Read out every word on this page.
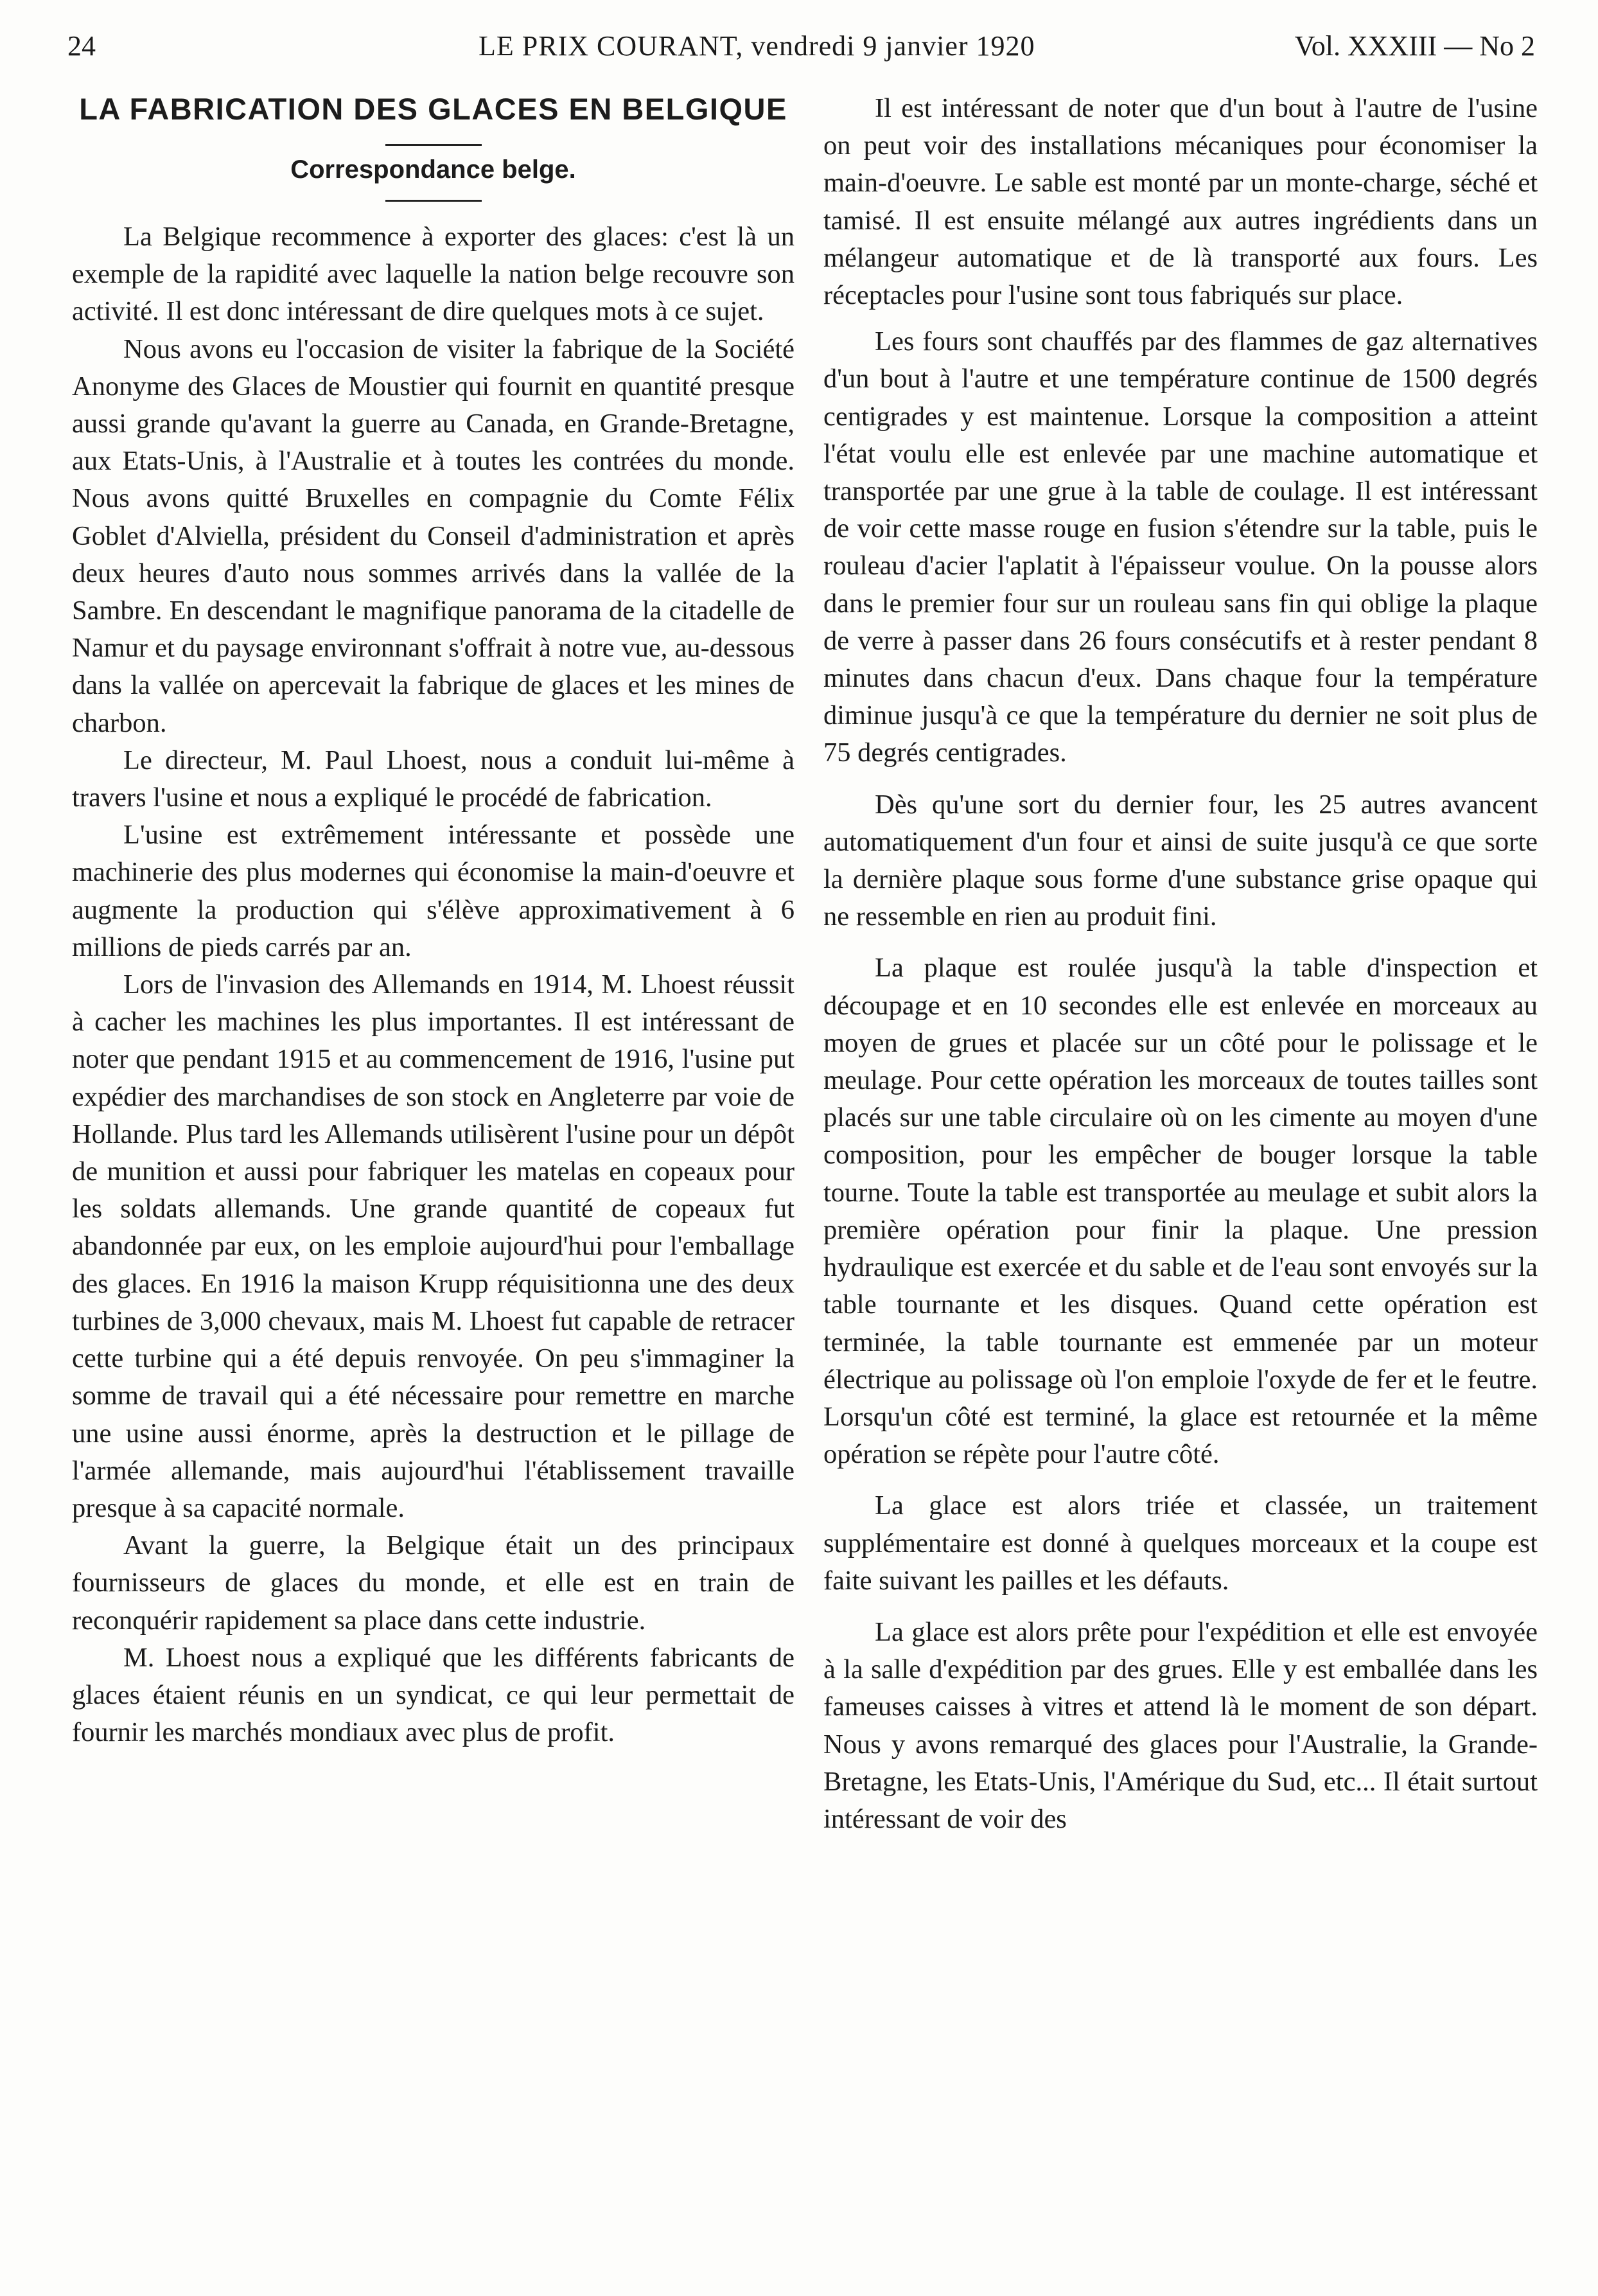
24	LE PRIX COURANT, vendredi 9 janvier 1920	Vol. XXXIII — No 2
LA FABRICATION DES GLACES EN BELGIQUE
Correspondance belge.

La Belgique recommence à exporter des glaces: c'est là un exemple de la rapidité avec laquelle la nation belge recouvre son activité. Il est donc intéressant de dire quelques mots à ce sujet.

Nous avons eu l'occasion de visiter la fabrique de la Société Anonyme des Glaces de Moustier qui fournit en quantité presque aussi grande qu'avant la guerre au Canada, en Grande-Bretagne, aux Etats-Unis, à l'Australie et à toutes les contrées du monde. Nous avons quitté Bruxelles en compagnie du Comte Félix Goblet d'Alviella, président du Conseil d'administration et après deux heures d'auto nous sommes arrivés dans la vallée de la Sambre. En descendant le magnifique panorama de la citadelle de Namur et du paysage environnant s'offrait à notre vue, au-dessous dans la vallée on apercevait la fabrique de glaces et les mines de charbon.

Le directeur, M. Paul Lhoest, nous a conduit lui-même à travers l'usine et nous a expliqué le procédé de fabrication.

L'usine est extrêmement intéressante et possède une machinerie des plus modernes qui économise la main-d'oeuvre et augmente la production qui s'élève approximativement à 6 millions de pieds carrés par an.

Lors de l'invasion des Allemands en 1914, M. Lhoest réussit à cacher les machines les plus importantes. Il est intéressant de noter que pendant 1915 et au commencement de 1916, l'usine put expédier des marchandises de son stock en Angleterre par voie de Hollande. Plus tard les Allemands utilisèrent l'usine pour un dépôt de munition et aussi pour fabriquer les matelas en copeaux pour les soldats allemands. Une grande quantité de copeaux fut abandonnée par eux, on les emploie aujourd'hui pour l'emballage des glaces. En 1916 la maison Krupp réquisitionna une des deux turbines de 3,000 chevaux, mais M. Lhoest fut capable de retracer cette turbine qui a été depuis renvoyée. On peu s'immaginer la somme de travail qui a été nécessaire pour remettre en marche une usine aussi énorme, après la destruction et le pillage de l'armée allemande, mais aujourd'hui l'établissement travaille presque à sa capacité normale.

Avant la guerre, la Belgique était un des principaux fournisseurs de glaces du monde, et elle est en train de reconquérir rapidement sa place dans cette industrie.

M. Lhoest nous a expliqué que les différents fabricants de glaces étaient réunis en un syndicat, ce qui leur permettait de fournir les marchés mondiaux avec plus de profit.

Il est intéressant de noter que d'un bout à l'autre de l'usine on peut voir des installations mécaniques pour économiser la main-d'oeuvre. Le sable est monté par un monte-charge, séché et tamisé. Il est ensuite mélangé aux autres ingrédients dans un mélangeur automatique et de là transporté aux fours. Les réceptacles pour l'usine sont tous fabriqués sur place.

Les fours sont chauffés par des flammes de gaz alternatives d'un bout à l'autre et une température continue de 1500 degrés centigrades y est maintenue. Lorsque la composition a atteint l'état voulu elle est enlevée par une machine automatique et transportée par une grue à la table de coulage. Il est intéressant de voir cette masse rouge en fusion s'étendre sur la table, puis le rouleau d'acier l'aplatit à l'épaisseur voulue. On la pousse alors dans le premier four sur un rouleau sans fin qui oblige la plaque de verre à passer dans 26 fours consécutifs et à rester pendant 8 minutes dans chacun d'eux. Dans chaque four la température diminue jusqu'à ce que la température du dernier ne soit plus de 75 degrés centigrades.

Dès qu'une sort du dernier four, les 25 autres avancent automatiquement d'un four et ainsi de suite jusqu'à ce que sorte la dernière plaque sous forme d'une substance grise opaque qui ne ressemble en rien au produit fini.

La plaque est roulée jusqu'à la table d'inspection et découpage et en 10 secondes elle est enlevée en morceaux au moyen de grues et placée sur un côté pour le polissage et le meulage. Pour cette opération les morceaux de toutes tailles sont placés sur une table circulaire où on les cimente au moyen d'une composition, pour les empêcher de bouger lorsque la table tourne. Toute la table est transportée au meulage et subit alors la première opération pour finir la plaque. Une pression hydraulique est exercée et du sable et de l'eau sont envoyés sur la table tournante et les disques. Quand cette opération est terminée, la table tournante est emmenée par un moteur électrique au polissage où l'on emploie l'oxyde de fer et le feutre. Lorsqu'un côté est terminé, la glace est retournée et la même opération se répète pour l'autre côté.

La glace est alors triée et classée, un traitement supplémentaire est donné à quelques morceaux et la coupe est faite suivant les pailles et les défauts.

La glace est alors prête pour l'expédition et elle est envoyée à la salle d'expédition par des grues. Elle y est emballée dans les fameuses caisses à vitres et attend là le moment de son départ. Nous y avons remarqué des glaces pour l'Australie, la Grande-Bretagne, les Etats-Unis, l'Amérique du Sud, etc... Il était surtout intéressant de voir des
